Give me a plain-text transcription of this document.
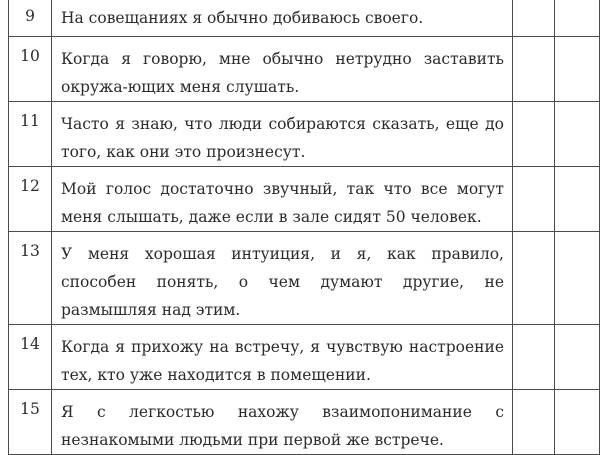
9	На совещаниях я обычно добиваюсь своего.		

10	Когда я говорю, мне обычно нетрудно заставить окружа-ющих меня слушать.		

11	Часто я знаю, что люди собираются сказать, еще до того, как они это произнесут.		

12	Мой голос достаточно звучный, так что все могут меня слышать, даже если в зале сидят 50 человек.		

13	У меня хорошая интуиция, и я, как правило, способен понять, о чем думают другие, не размышляя над этим.		

14	Когда я прихожу на встречу, я чувствую настроение тех, кто уже находится в помещении.		

15	Я с легкостью нахожу взаимопонимание с незнакомыми людьми при первой же встрече.		
